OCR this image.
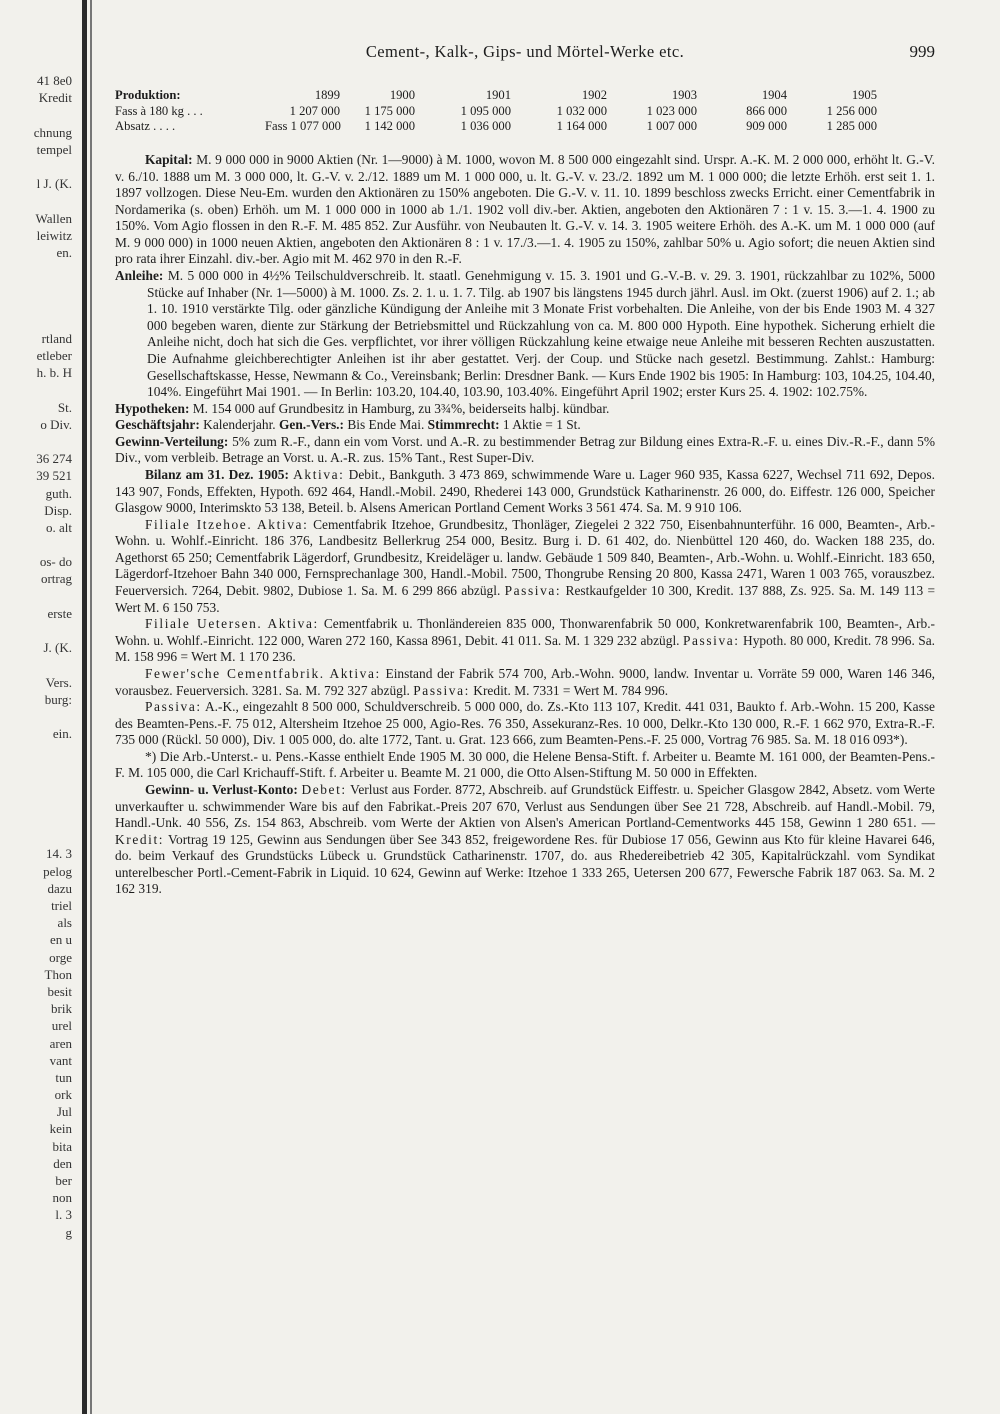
41 8e0
Kredit
chnung
tempel
l J. (K.
Wallen
leiwitz
en.
rtland
etleber
h. b. H
St.
o Div.
36 274
39 521
guth.
Disp.
o. alt
os- do
ortrag
erste
J. (K.
Vers.
burg:
ein.
14. 3
pelog
dazu
triel
als
en u
orge
Thon
besit
brik
urel
aren
vant
tun
ork
Jul
kein
bita
den
ber
non
l. 3
g
Cement-, Kalk-, Gips- und Mörtel-Werke etc.	999
Produktion:	1899	1900	1901	1902	1903	1904	1905
Fass à 180 kg . . .	1 207 000	1 175 000	1 095 000	1 032 000	1 023 000	866 000	1 256 000
Absatz . . . .	Fass 1 077 000	1 142 000	1 036 000	1 164 000	1 007 000	909 000	1 285 000

Kapital: M. 9 000 000 in 9000 Aktien (Nr. 1—9000) à M. 1000, wovon M. 8 500 000 eingezahlt sind. Urspr. A.-K. M. 2 000 000, erhöht lt. G.-V. v. 6./10. 1888 um M. 3 000 000, lt. G.-V. v. 2./12. 1889 um M. 1 000 000, u. lt. G.-V. v. 23./2. 1892 um M. 1 000 000; die letzte Erhöh. erst seit 1. 1. 1897 vollzogen. Diese Neu-Em. wurden den Aktionären zu 150% angeboten. Die G.-V. v. 11. 10. 1899 beschloss zwecks Erricht. einer Cementfabrik in Nordamerika (s. oben) Erhöh. um M. 1 000 000 in 1000 ab 1./1. 1902 voll div.-ber. Aktien, angeboten den Aktionären 7 : 1 v. 15. 3.—1. 4. 1900 zu 150%. Vom Agio flossen in den R.-F. M. 485 852. Zur Ausführ. von Neubauten lt. G.-V. v. 14. 3. 1905 weitere Erhöh. des A.-K. um M. 1 000 000 (auf M. 9 000 000) in 1000 neuen Aktien, angeboten den Aktionären 8 : 1 v. 17./3.—1. 4. 1905 zu 150%, zahlbar 50% u. Agio sofort; die neuen Aktien sind pro rata ihrer Einzahl. div.-ber. Agio mit M. 462 970 in den R.-F.

Anleihe: M. 5 000 000 in 4½% Teilschuldverschreib. lt. staatl. Genehmigung v. 15. 3. 1901 und G.-V.-B. v. 29. 3. 1901, rückzahlbar zu 102%, 5000 Stücke auf Inhaber (Nr. 1—5000) à M. 1000. Zs. 2. 1. u. 1. 7. Tilg. ab 1907 bis längstens 1945 durch jährl. Ausl. im Okt. (zuerst 1906) auf 2. 1.; ab 1. 10. 1910 verstärkte Tilg. oder gänzliche Kündigung der Anleihe mit 3 Monate Frist vorbehalten. Die Anleihe, von der bis Ende 1903 M. 4 327 000 begeben waren, diente zur Stärkung der Betriebsmittel und Rückzahlung von ca. M. 800 000 Hypoth. Eine hypothek. Sicherung erhielt die Anleihe nicht, doch hat sich die Ges. verpflichtet, vor ihrer völligen Rückzahlung keine etwaige neue Anleihe mit besseren Rechten auszustatten. Die Aufnahme gleichberechtigter Anleihen ist ihr aber gestattet. Verj. der Coup. und Stücke nach gesetzl. Bestimmung. Zahlst.: Hamburg: Gesellschaftskasse, Hesse, Newmann & Co., Vereinsbank; Berlin: Dresdner Bank. — Kurs Ende 1902 bis 1905: In Hamburg: 103, 104.25, 104.40, 104%. Eingeführt Mai 1901. — In Berlin: 103.20, 104.40, 103.90, 103.40%. Eingeführt April 1902; erster Kurs 25. 4. 1902: 102.75%.

Hypotheken: M. 154 000 auf Grundbesitz in Hamburg, zu 3¾%, beiderseits halbj. kündbar.

Geschäftsjahr: Kalenderjahr. Gen.-Vers.: Bis Ende Mai. Stimmrecht: 1 Aktie = 1 St.

Gewinn-Verteilung: 5% zum R.-F., dann ein vom Vorst. und A.-R. zu bestimmender Betrag zur Bildung eines Extra-R.-F. u. eines Div.-R.-F., dann 5% Div., vom verbleib. Betrage an Vorst. u. A.-R. zus. 15% Tant., Rest Super-Div.

Bilanz am 31. Dez. 1905: Aktiva: Debit., Bankguth. 3 473 869, schwimmende Ware u. Lager 960 935, Kassa 6227, Wechsel 711 692, Depos. 143 907, Fonds, Effekten, Hypoth. 692 464, Handl.-Mobil. 2490, Rhederei 143 000, Grundstück Katharinenstr. 26 000, do. Eiffestr. 126 000, Speicher Glasgow 9000, Interimskto 53 138, Beteil. b. Alsens American Portland Cement Works 3 561 474. Sa. M. 9 910 106.

Filiale Itzehoe. Aktiva: Cementfabrik Itzehoe, Grundbesitz, Thonläger, Ziegelei 2 322 750, Eisenbahnunterführ. 16 000, Beamten-, Arb.-Wohn. u. Wohlf.-Einricht. 186 376, Landbesitz Bellerkrug 254 000, Besitz. Burg i. D. 61 402, do. Nienbüttel 120 460, do. Wacken 188 235, do. Agethorst 65 250; Cementfabrik Lägerdorf, Grundbesitz, Kreideläger u. landw. Gebäude 1 509 840, Beamten-, Arb.-Wohn. u. Wohlf.-Einricht. 183 650, Lägerdorf-Itzehoer Bahn 340 000, Fernsprechanlage 300, Handl.-Mobil. 7500, Thongrube Rensing 20 800, Kassa 2471, Waren 1 003 765, vorauszbez. Feuerversich. 7264, Debit. 9802, Dubiose 1. Sa. M. 6 299 866 abzügl. Passiva: Restkaufgelder 10 300, Kredit. 137 888, Zs. 925. Sa. M. 149 113 = Wert M. 6 150 753.

Filiale Uetersen. Aktiva: Cementfabrik u. Thonländereien 835 000, Thonwarenfabrik 50 000, Konkretwarenfabrik 100, Beamten-, Arb.-Wohn. u. Wohlf.-Einricht. 122 000, Waren 272 160, Kassa 8961, Debit. 41 011. Sa. M. 1 329 232 abzügl. Passiva: Hypoth. 80 000, Kredit. 78 996. Sa. M. 158 996 = Wert M. 1 170 236.

Fewer'sche Cementfabrik. Aktiva: Einstand der Fabrik 574 700, Arb.-Wohn. 9000, landw. Inventar u. Vorräte 59 000, Waren 146 346, vorausbez. Feuerversich. 3281. Sa. M. 792 327 abzügl. Passiva: Kredit. M. 7331 = Wert M. 784 996.

Passiva: A.-K., eingezahlt 8 500 000, Schuldverschreib. 5 000 000, do. Zs.-Kto 113 107, Kredit. 441 031, Baukto f. Arb.-Wohn. 15 200, Kasse des Beamten-Pens.-F. 75 012, Altersheim Itzehoe 25 000, Agio-Res. 76 350, Assekuranz-Res. 10 000, Delkr.-Kto 130 000, R.-F. 1 662 970, Extra-R.-F. 735 000 (Rückl. 50 000), Div. 1 005 000, do. alte 1772, Tant. u. Grat. 123 666, zum Beamten-Pens.-F. 25 000, Vortrag 76 985. Sa. M. 18 016 093*).

*) Die Arb.-Unterst.- u. Pens.-Kasse enthielt Ende 1905 M. 30 000, die Helene Bensa-Stift. f. Arbeiter u. Beamte M. 161 000, der Beamten-Pens.-F. M. 105 000, die Carl Krichauff-Stift. f. Arbeiter u. Beamte M. 21 000, die Otto Alsen-Stiftung M. 50 000 in Effekten.

Gewinn- u. Verlust-Konto: Debet: Verlust aus Forder. 8772, Abschreib. auf Grundstück Eiffestr. u. Speicher Glasgow 2842, Absetz. vom Werte unverkaufter u. schwimmender Ware bis auf den Fabrikat.-Preis 207 670, Verlust aus Sendungen über See 21 728, Abschreib. auf Handl.-Mobil. 79, Handl.-Unk. 40 556, Zs. 154 863, Abschreib. vom Werte der Aktien von Alsen's American Portland-Cementworks 445 158, Gewinn 1 280 651. — Kredit: Vortrag 19 125, Gewinn aus Sendungen über See 343 852, freigewordene Res. für Dubiose 17 056, Gewinn aus Kto für kleine Havarei 646, do. beim Verkauf des Grundstücks Lübeck u. Grundstück Catharinenstr. 1707, do. aus Rhedereibetrieb 42 305, Kapitalrückzahl. vom Syndikat unterelbescher Portl.-Cement-Fabrik in Liquid. 10 624, Gewinn auf Werke: Itzehoe 1 333 265, Uetersen 200 677, Fewersche Fabrik 187 063. Sa. M. 2 162 319.
